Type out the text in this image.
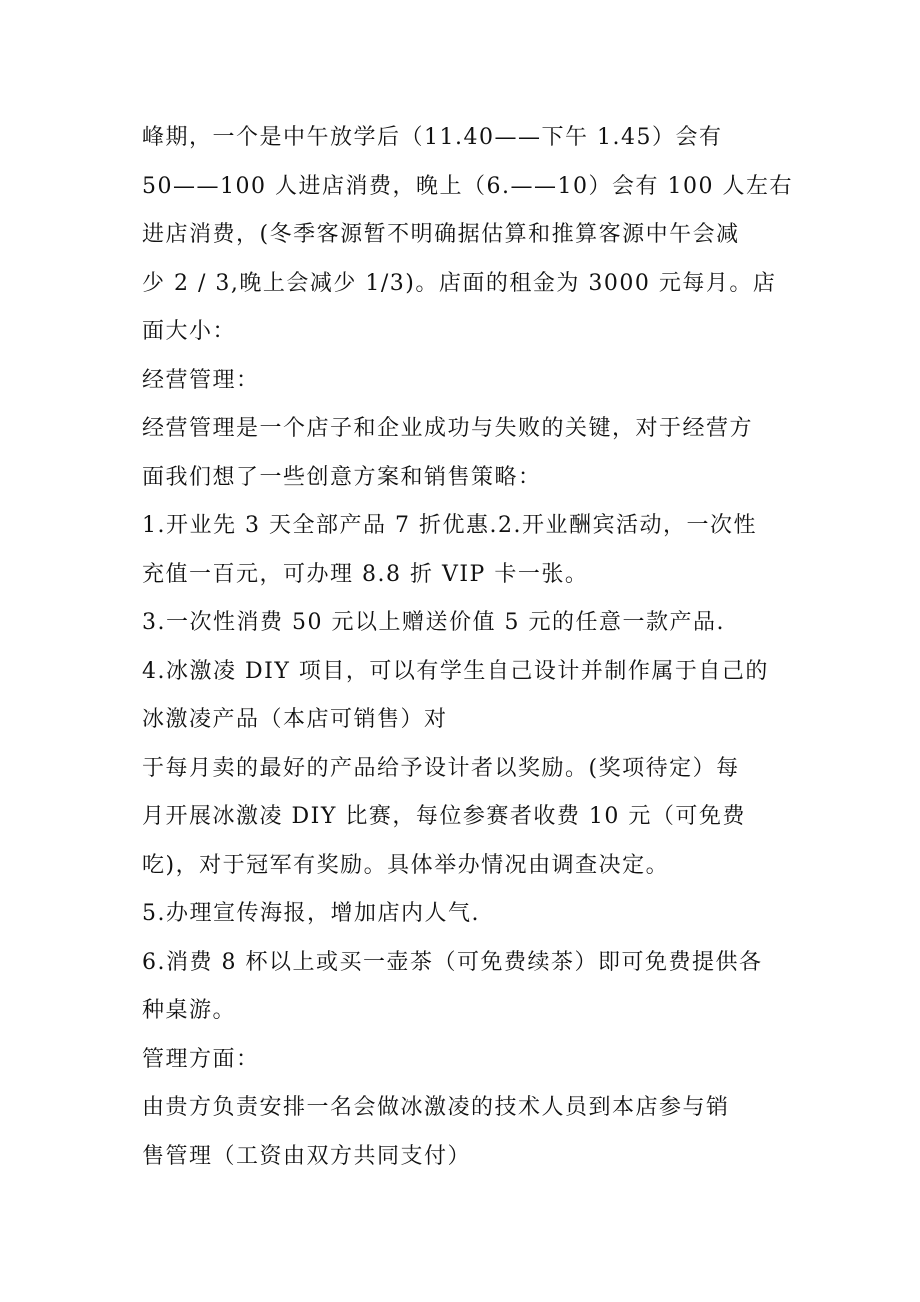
峰期，一个是中午放学后（11.40——下午 1.45）会有
50——100 人进店消费，晚上（6.——10）会有 100 人左右
进店消费，(冬季客源暂不明确据估算和推算客源中午会减
少 2 / 3,晚上会减少 1/3)。店面的租金为 3000 元每月。店
面大小：
经营管理：
经营管理是一个店子和企业成功与失败的关键，对于经营方
面我们想了一些创意方案和销售策略：
1.开业先 3 天全部产品 7 折优惠.2.开业酬宾活动，一次性
充值一百元，可办理 8.8 折 VIP 卡一张。
3.一次性消费 50 元以上赠送价值 5 元的任意一款产品.
4.冰激凌 DIY 项目，可以有学生自己设计并制作属于自己的
冰激凌产品（本店可销售）对
于每月卖的最好的产品给予设计者以奖励。(奖项待定）每
月开展冰激凌 DIY 比赛，每位参赛者收费 10 元（可免费
吃)，对于冠军有奖励。具体举办情况由调查决定。
5.办理宣传海报，增加店内人气.
6.消费 8 杯以上或买一壶茶（可免费续茶）即可免费提供各
种桌游。
管理方面：
由贵方负责安排一名会做冰激凌的技术人员到本店参与销
售管理（工资由双方共同支付）
